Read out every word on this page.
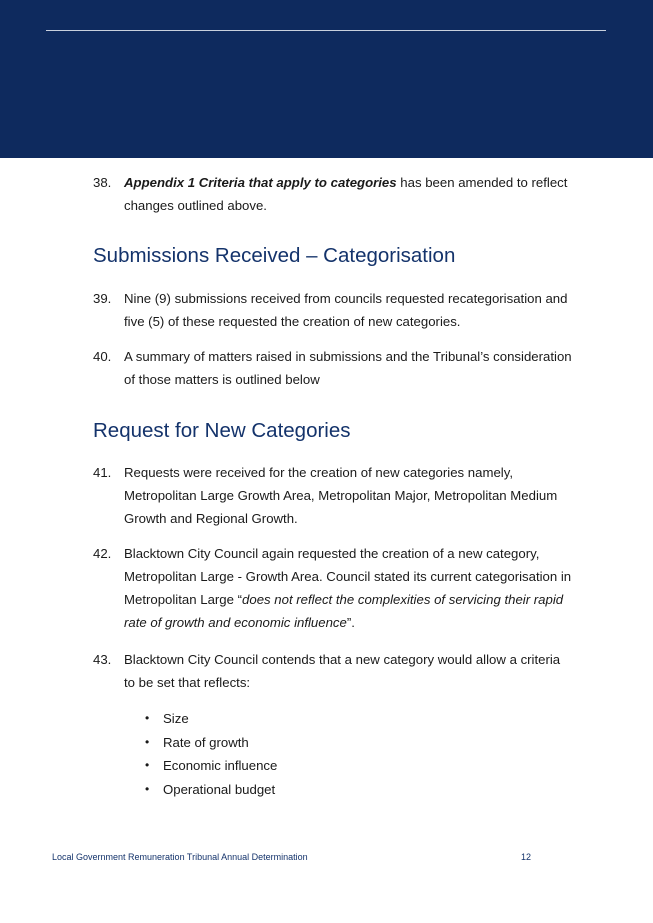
38. Appendix 1 Criteria that apply to categories has been amended to reflect changes outlined above.
Submissions Received – Categorisation
39. Nine (9) submissions received from councils requested recategorisation and five (5) of these requested the creation of new categories.
40. A summary of matters raised in submissions and the Tribunal’s consideration of those matters is outlined below
Request for New Categories
41. Requests were received for the creation of new categories namely, Metropolitan Large Growth Area, Metropolitan Major, Metropolitan Medium Growth and Regional Growth.
42. Blacktown City Council again requested the creation of a new category, Metropolitan Large - Growth Area. Council stated its current categorisation in Metropolitan Large “does not reflect the complexities of servicing their rapid rate of growth and economic influence”.
43. Blacktown City Council contends that a new category would allow a criteria to be set that reflects:
• Size
• Rate of growth
• Economic influence
• Operational budget
Local Government Remuneration Tribunal Annual Determination	12
